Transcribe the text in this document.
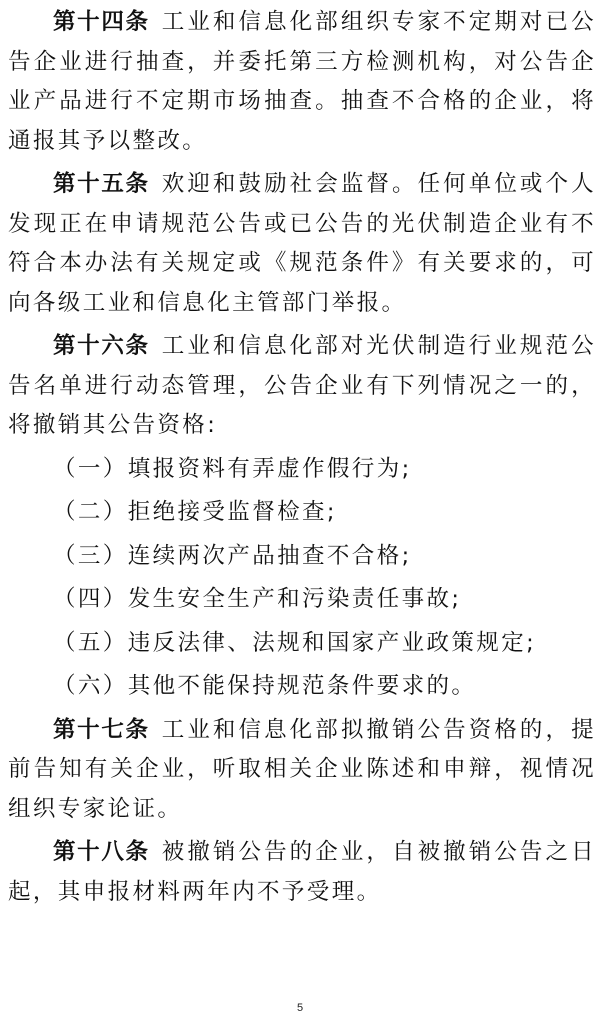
第十四条 工业和信息化部组织专家不定期对已公告企业进行抽查，并委托第三方检测机构，对公告企业产品进行不定期市场抽查。抽查不合格的企业，将通报其予以整改。

第十五条 欢迎和鼓励社会监督。任何单位或个人发现正在申请规范公告或已公告的光伏制造企业有不符合本办法有关规定或《规范条件》有关要求的，可向各级工业和信息化主管部门举报。

第十六条 工业和信息化部对光伏制造行业规范公告名单进行动态管理，公告企业有下列情况之一的，将撤销其公告资格:

（一）填报资料有弄虚作假行为;

（二）拒绝接受监督检查;

（三）连续两次产品抽查不合格;

（四）发生安全生产和污染责任事故;

（五）违反法律、法规和国家产业政策规定;

（六）其他不能保持规范条件要求的。

第十七条 工业和信息化部拟撤销公告资格的，提前告知有关企业，听取相关企业陈述和申辩，视情况组织专家论证。

第十八条 被撤销公告的企业，自被撤销公告之日起，其申报材料两年内不予受理。

5
